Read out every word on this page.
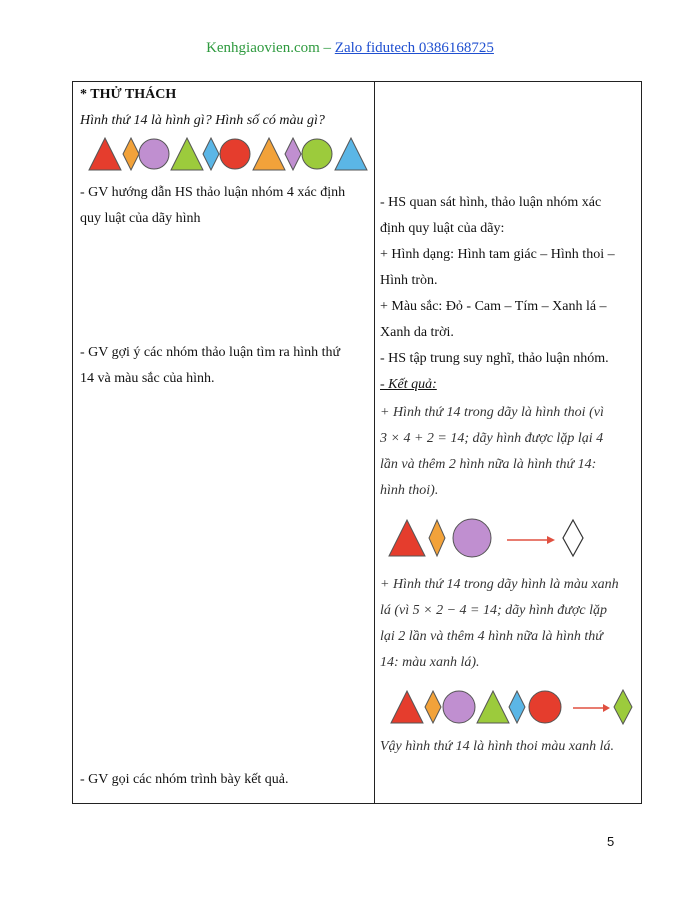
Kenhgiaovien.com – Zalo fidutech 0386168725
* THỬ THÁCH
Hình thứ 14 là hình gì? Hình số có màu gì?
- GV hướng dẫn HS thảo luận nhóm 4 xác định
quy luật của dãy hình
- GV gợi ý các nhóm thảo luận tìm ra hình thứ
14 và màu sắc của hình.
- GV gọi các nhóm trình bày kết quả.
- HS quan sát hình, thảo luận nhóm xác
định quy luật của dãy:
+ Hình dạng: Hình tam giác – Hình thoi –
Hình tròn.
+ Màu sắc: Đỏ - Cam – Tím – Xanh lá –
Xanh da trời.
- HS tập trung suy nghĩ, thảo luận nhóm.
- Kết quả:
+ Hình thứ 14 trong dãy là hình thoi (vì
3 × 4 + 2 = 14; dãy hình được lặp lại 4
lần và thêm 2 hình nữa là hình thứ 14:
hình thoi).
+ Hình thứ 14 trong dãy hình là màu xanh
lá (vì 5 × 2 − 4 = 14; dãy hình được lặp
lại 2 lần và thêm 4 hình nữa là hình thứ
14: màu xanh lá).
Vậy hình thứ 14 là hình thoi màu xanh lá.
5
